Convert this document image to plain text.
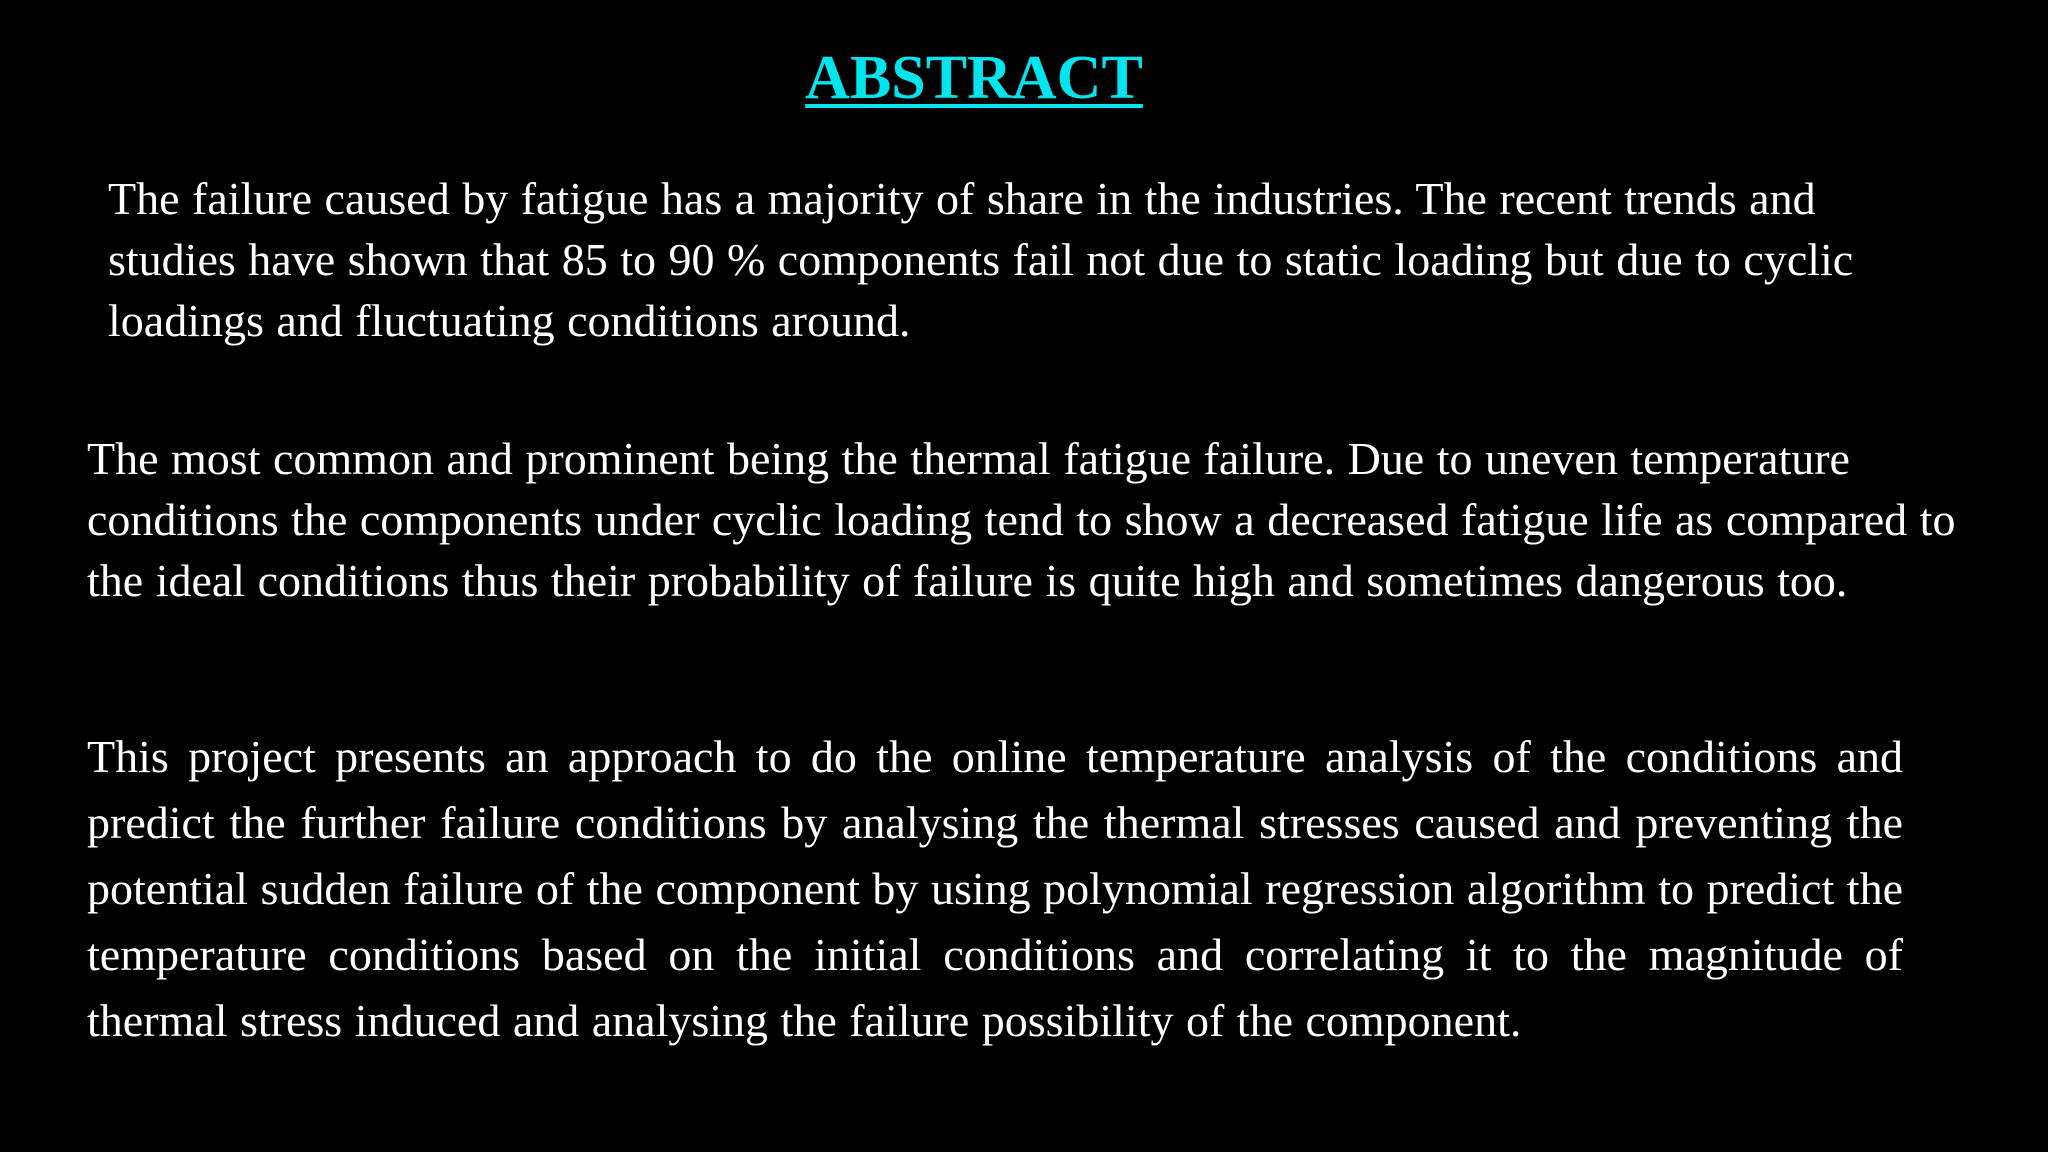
ABSTRACT

The failure caused by fatigue has a majority of share in the industries. The recent trends and studies have shown that 85 to 90 % components fail not due to static loading but due to cyclic loadings and fluctuating conditions around.

The most common and prominent being the thermal fatigue failure. Due to uneven temperature conditions the components under cyclic loading tend to show a decreased fatigue life as compared to the ideal conditions thus their probability of failure is quite high and sometimes dangerous too.

This project presents an approach to do the online temperature analysis of the conditions and predict the further failure conditions by analysing the thermal stresses caused and preventing the potential sudden failure of the component by using polynomial regression algorithm to predict the temperature conditions based on the initial conditions and correlating it to the magnitude of thermal stress induced and analysing the failure possibility of the component.
